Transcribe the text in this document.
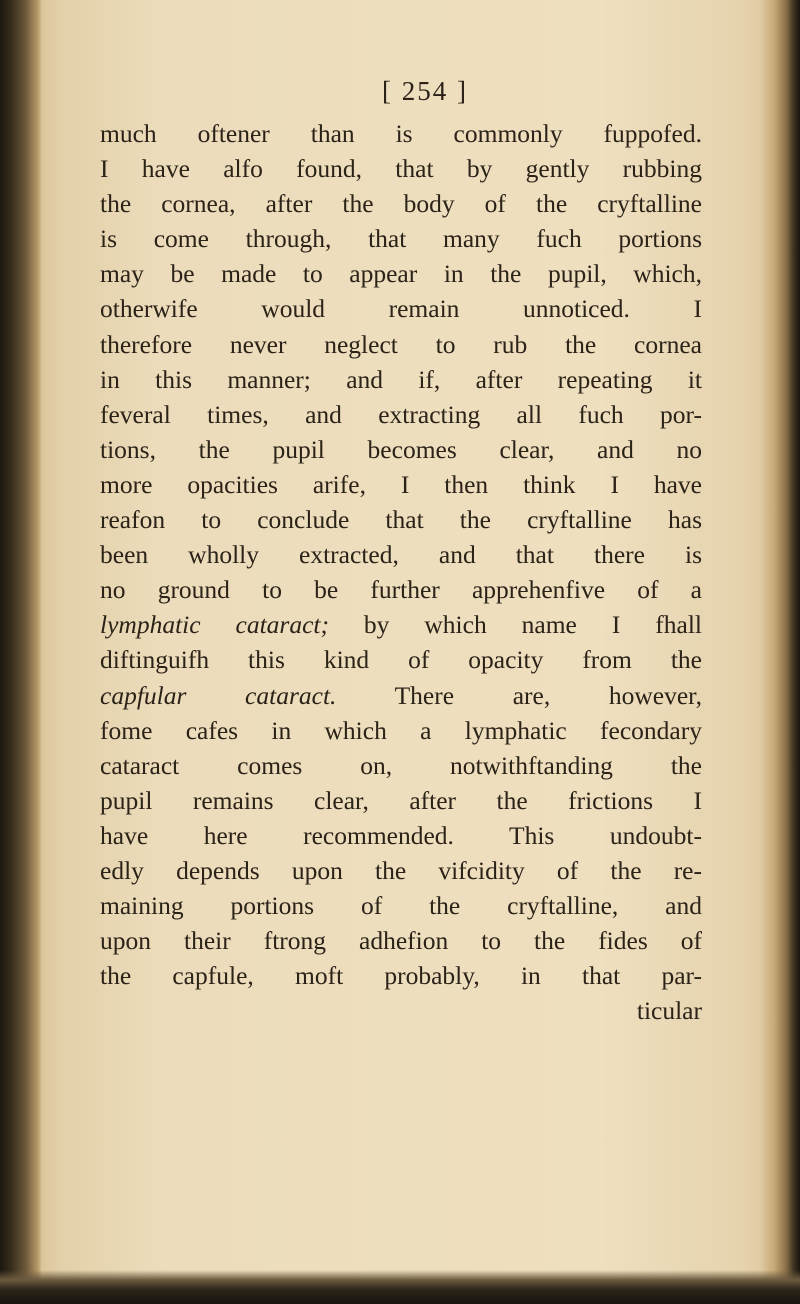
[ 254 ]
much oftener than is commonly fuppofed.
I have alfo found, that by gently rubbing
the cornea, after the body of the cryftalline
is come through, that many fuch portions
may be made to appear in the pupil, which,
otherwife would remain unnoticed. I
therefore never neglect to rub the cornea
in this manner; and if, after repeating it
feveral times, and extracting all fuch por-
tions, the pupil becomes clear, and no
more opacities arife, I then think I have
reafon to conclude that the cryftalline has
been wholly extracted, and that there is
no ground to be further apprehenfive of a
lymphatic cataract; by which name I fhall
diftinguifh this kind of opacity from the
capfular cataract. There are, however,
fome cafes in which a lymphatic fecondary
cataract comes on, notwithftanding the
pupil remains clear, after the frictions I
have here recommended. This undoubt-
edly depends upon the vifcidity of the re-
maining portions of the cryftalline, and
upon their ftrong adhefion to the fides of
the capfule, moft probably, in that par-
ticular
